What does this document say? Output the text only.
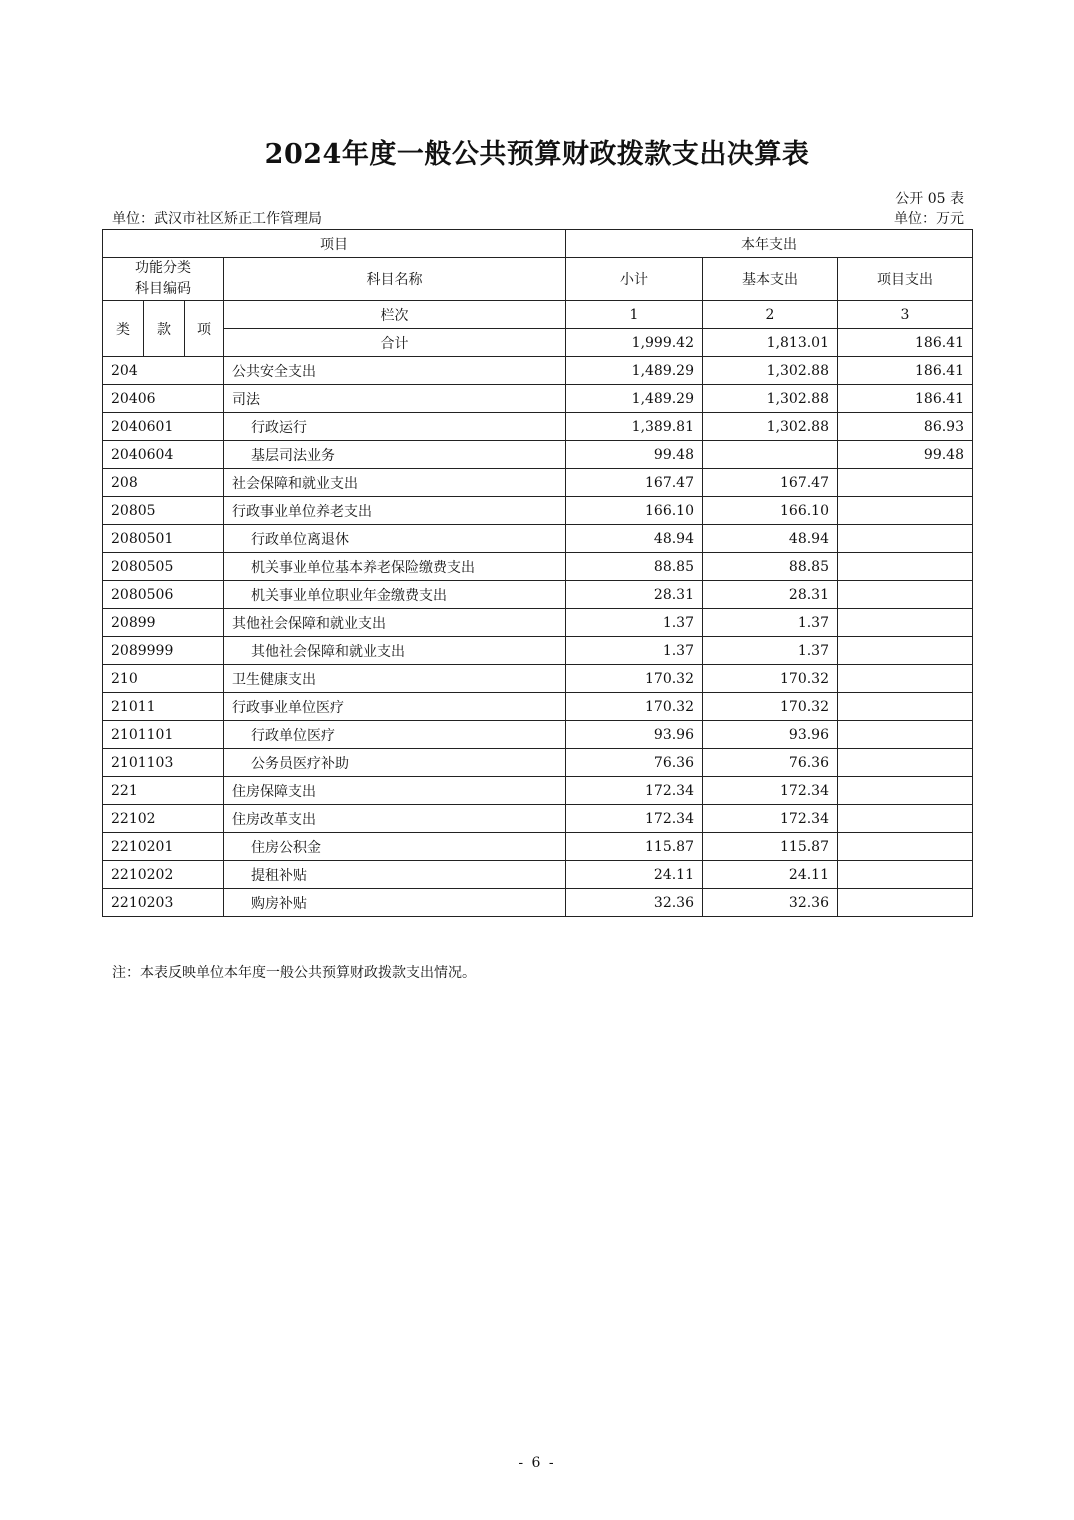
2024年度一般公共预算财政拨款支出决算表
公开 05 表
单位：武汉市社区矫正工作管理局	单位：万元
项目				本年支出		
功能分类
科目编码			科目名称	小计	基本支出	项目支出
类	款	项	栏次	1	2	3
			合计	1,999.42	1,813.01	186.41
204			公共安全支出	1,489.29	1,302.88	186.41
20406			司法	1,489.29	1,302.88	186.41
2040601			行政运行	1,389.81	1,302.88	86.93
2040604			基层司法业务	99.48		99.48
208			社会保障和就业支出	167.47	167.47	
20805			行政事业单位养老支出	166.10	166.10	
2080501			行政单位离退休	48.94	48.94	
2080505			机关事业单位基本养老保险缴费支出	88.85	88.85	
2080506			机关事业单位职业年金缴费支出	28.31	28.31	
20899			其他社会保障和就业支出	1.37	1.37	
2089999			其他社会保障和就业支出	1.37	1.37	
210			卫生健康支出	170.32	170.32	
21011			行政事业单位医疗	170.32	170.32	
2101101			行政单位医疗	93.96	93.96	
2101103			公务员医疗补助	76.36	76.36	
221			住房保障支出	172.34	172.34	
22102			住房改革支出	172.34	172.34	
2210201			住房公积金	115.87	115.87	
2210202			提租补贴	24.11	24.11	
2210203			购房补贴	32.36	32.36	
注：本表反映单位本年度一般公共预算财政拨款支出情况。
- 6 -
